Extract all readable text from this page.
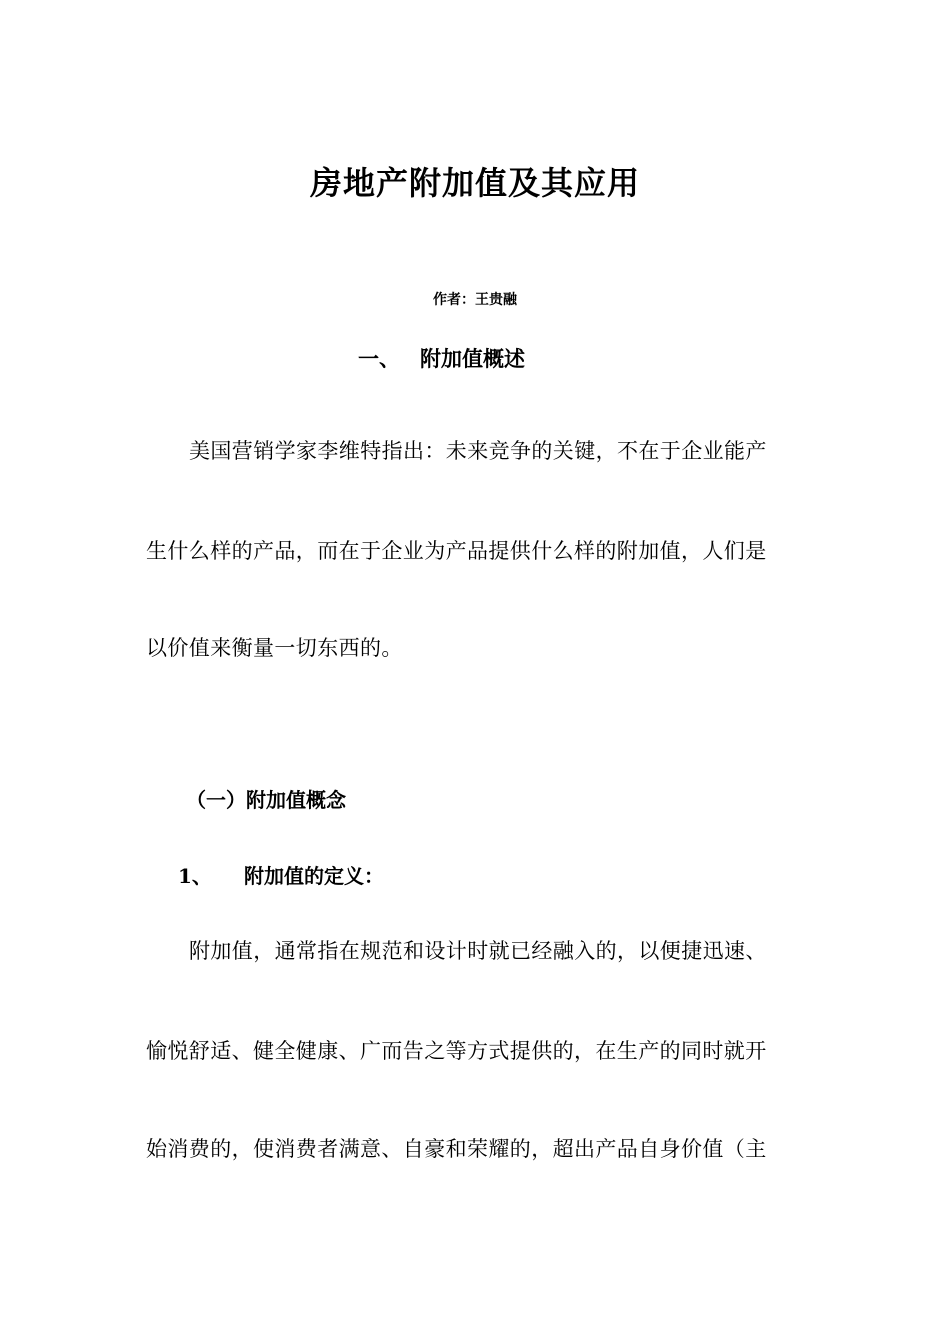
房地产附加值及其应用
作者：王贵融
一、 附加值概述
美国营销学家李维特指出：未来竞争的关键，不在于企业能产
生什么样的产品，而在于企业为产品提供什么样的附加值，人们是
以价值来衡量一切东西的。
（一）附加值概念
1、 附加值的定义：
附加值，通常指在规范和设计时就已经融入的，以便捷迅速、
愉悦舒适、健全健康、广而告之等方式提供的，在生产的同时就开
始消费的，使消费者满意、自豪和荣耀的，超出产品自身价值（主
